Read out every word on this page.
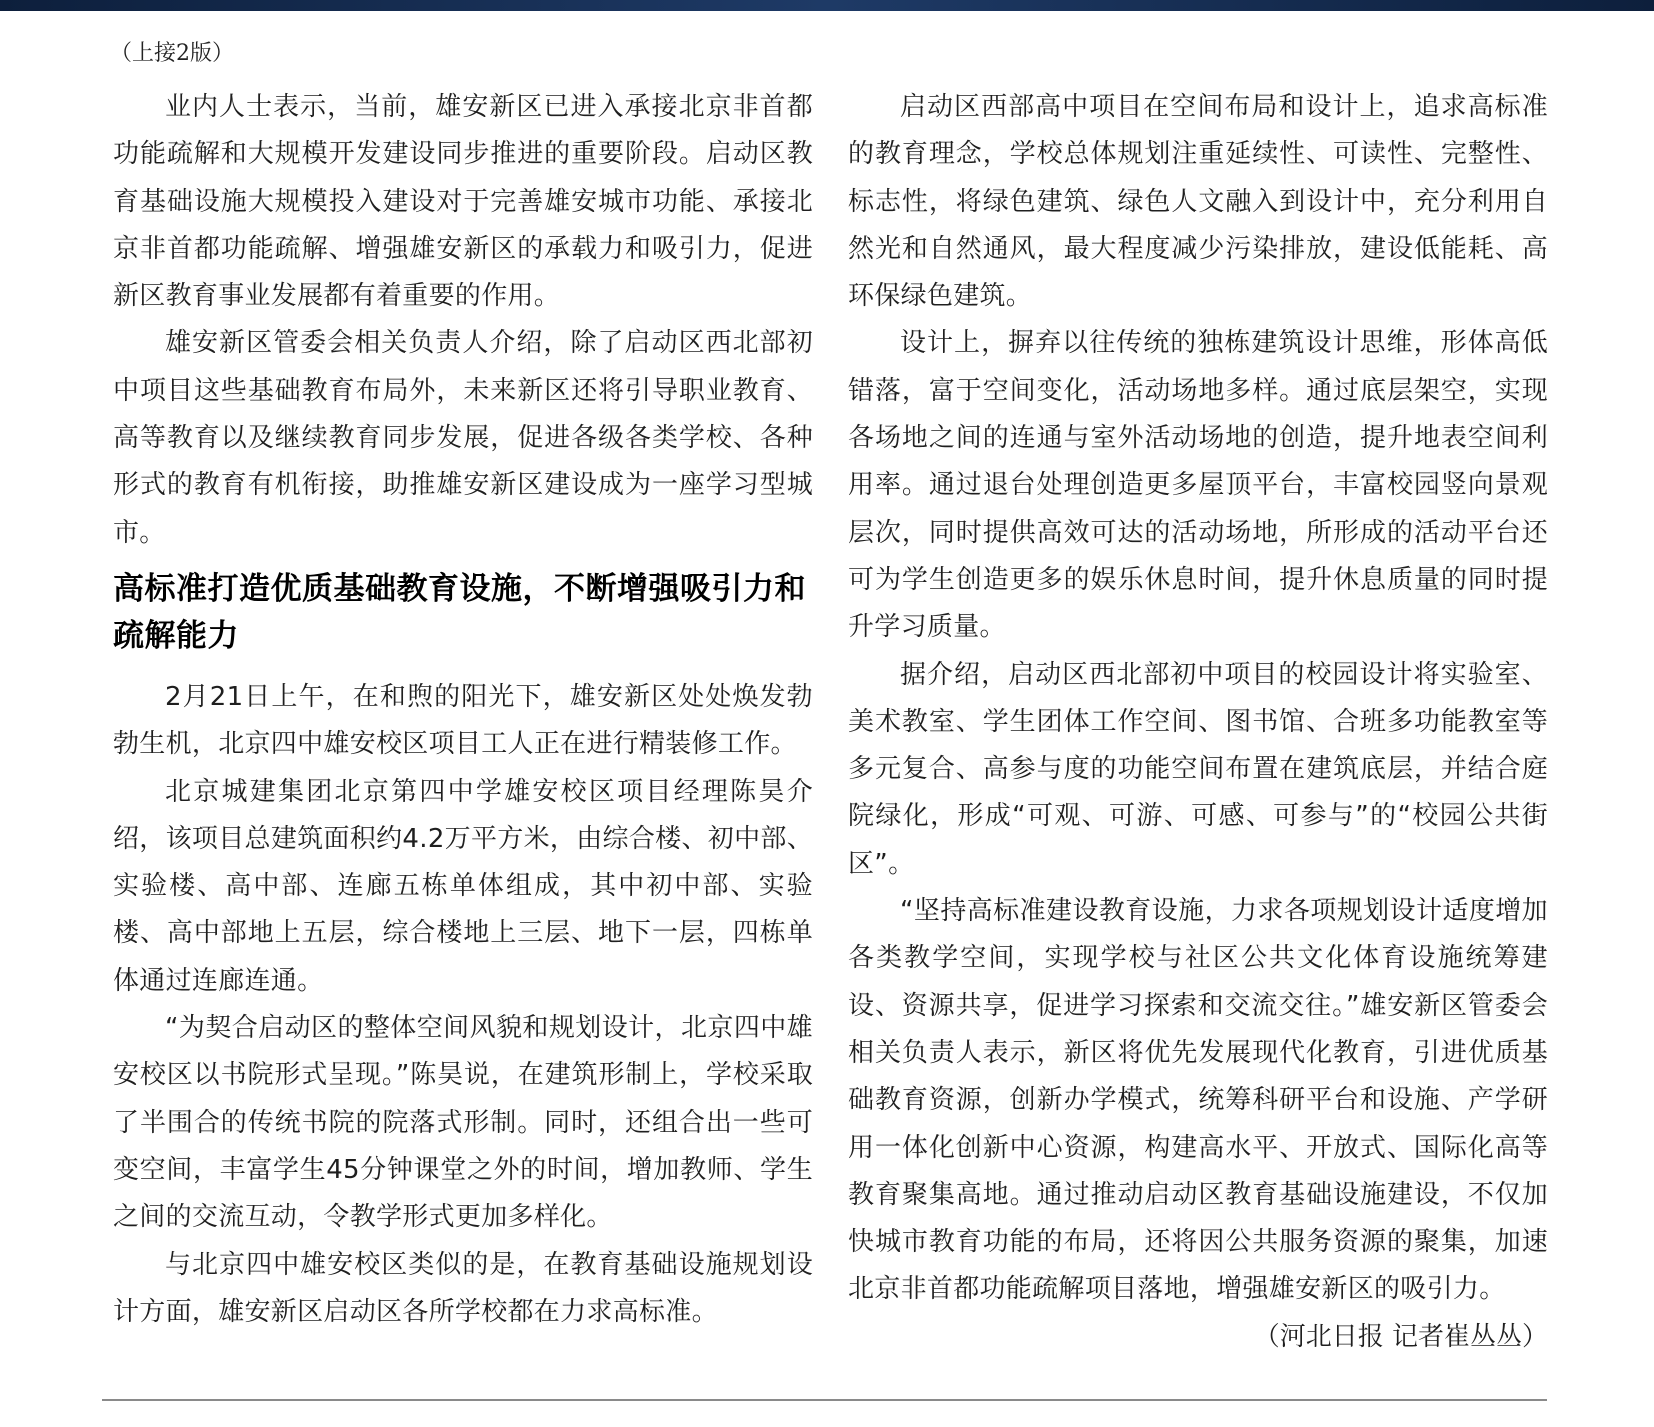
（上接2版）

业内人士表示，当前，雄安新区已进入承接北京非首都功能疏解和大规模开发建设同步推进的重要阶段。启动区教育基础设施大规模投入建设对于完善雄安城市功能、承接北京非首都功能疏解、增强雄安新区的承载力和吸引力，促进新区教育事业发展都有着重要的作用。

雄安新区管委会相关负责人介绍，除了启动区西北部初中项目这些基础教育布局外，未来新区还将引导职业教育、高等教育以及继续教育同步发展，促进各级各类学校、各种形式的教育有机衔接，助推雄安新区建设成为一座学习型城市。

高标准打造优质基础教育设施，不断增强吸引力和疏解能力

2月21日上午，在和煦的阳光下，雄安新区处处焕发勃勃生机，北京四中雄安校区项目工人正在进行精装修工作。

北京城建集团北京第四中学雄安校区项目经理陈昊介绍，该项目总建筑面积约4.2万平方米，由综合楼、初中部、实验楼、高中部、连廊五栋单体组成，其中初中部、实验楼、高中部地上五层，综合楼地上三层、地下一层，四栋单体通过连廊连通。

“为契合启动区的整体空间风貌和规划设计，北京四中雄安校区以书院形式呈现。”陈昊说，在建筑形制上，学校采取了半围合的传统书院的院落式形制。同时，还组合出一些可变空间，丰富学生45分钟课堂之外的时间，增加教师、学生之间的交流互动，令教学形式更加多样化。

与北京四中雄安校区类似的是，在教育基础设施规划设计方面，雄安新区启动区各所学校都在力求高标准。

启动区西部高中项目在空间布局和设计上，追求高标准的教育理念，学校总体规划注重延续性、可读性、完整性、标志性，将绿色建筑、绿色人文融入到设计中，充分利用自然光和自然通风，最大程度减少污染排放，建设低能耗、高环保绿色建筑。

设计上，摒弃以往传统的独栋建筑设计思维，形体高低错落，富于空间变化，活动场地多样。通过底层架空，实现各场地之间的连通与室外活动场地的创造，提升地表空间利用率。通过退台处理创造更多屋顶平台，丰富校园竖向景观层次，同时提供高效可达的活动场地，所形成的活动平台还可为学生创造更多的娱乐休息时间，提升休息质量的同时提升学习质量。

据介绍，启动区西北部初中项目的校园设计将实验室、美术教室、学生团体工作空间、图书馆、合班多功能教室等多元复合、高参与度的功能空间布置在建筑底层，并结合庭院绿化，形成“可观、可游、可感、可参与”的“校园公共街区”。

“坚持高标准建设教育设施，力求各项规划设计适度增加各类教学空间，实现学校与社区公共文化体育设施统筹建设、资源共享，促进学习探索和交流交往。”雄安新区管委会相关负责人表示，新区将优先发展现代化教育，引进优质基础教育资源，创新办学模式，统筹科研平台和设施、产学研用一体化创新中心资源，构建高水平、开放式、国际化高等教育聚集高地。通过推动启动区教育基础设施建设，不仅加快城市教育功能的布局，还将因公共服务资源的聚集，加速北京非首都功能疏解项目落地，增强雄安新区的吸引力。

（河北日报 记者崔丛丛）
